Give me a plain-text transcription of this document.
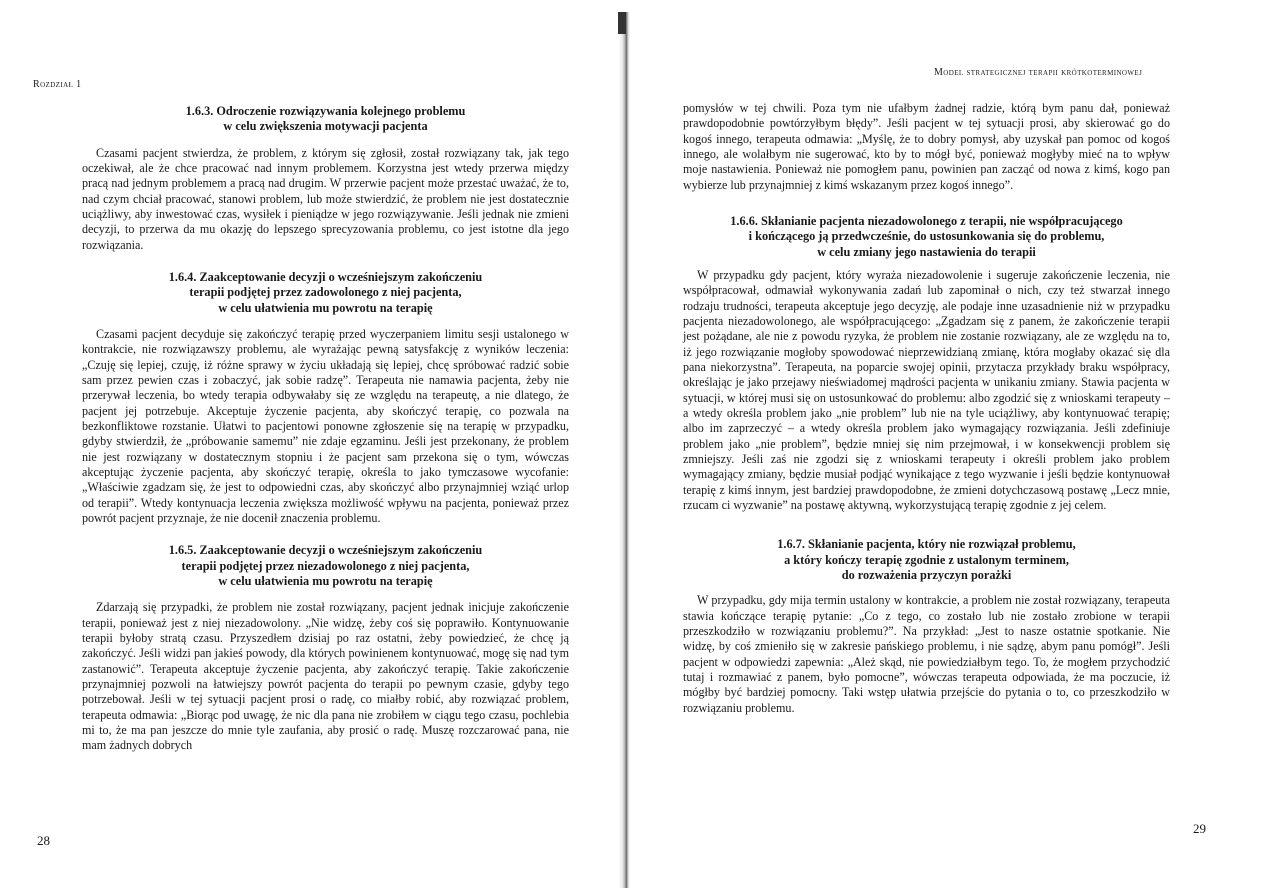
Rozdział 1
28
1.6.3. Odroczenie rozwiązywania kolejnego problemu
w celu zwiększenia motywacji pacjenta

Czasami pacjent stwierdza, że problem, z którym się zgłosił, został rozwiązany tak, jak tego oczekiwał, ale że chce pracować nad innym problemem. Korzystna jest wtedy przerwa między pracą nad jednym problemem a pracą nad drugim. W przerwie pacjent może przestać uważać, że to, nad czym chciał pracować, stanowi problem, lub może stwierdzić, że problem nie jest dostatecznie uciążliwy, aby inwestować czas, wysiłek i pieniądze w jego rozwiązywanie. Jeśli jednak nie zmieni decyzji, to przerwa da mu okazję do lepszego sprecyzowania problemu, co jest istotne dla jego rozwiązania.

1.6.4. Zaakceptowanie decyzji o wcześniejszym zakończeniu
terapii podjętej przez zadowolonego z niej pacjenta,
w celu ułatwienia mu powrotu na terapię

Czasami pacjent decyduje się zakończyć terapię przed wyczerpaniem limitu sesji ustalonego w kontrakcie, nie rozwiązawszy problemu, ale wyrażając pewną satysfakcję z wyników leczenia: „Czuję się lepiej, czuję, iż różne sprawy w życiu układają się lepiej, chcę spróbować radzić sobie sam przez pewien czas i zobaczyć, jak sobie radzę”. Terapeuta nie namawia pacjenta, żeby nie przerywał leczenia, bo wtedy terapia odbywałaby się ze względu na terapeutę, a nie dlatego, że pacjent jej potrzebuje. Akceptuje życzenie pacjenta, aby skończyć terapię, co pozwala na bezkonfliktowe rozstanie. Ułatwi to pacjentowi ponowne zgłoszenie się na terapię w przypadku, gdyby stwierdził, że „próbowanie samemu” nie zdaje egzaminu. Jeśli jest przekonany, że problem nie jest rozwiązany w dostatecznym stopniu i że pacjent sam przekona się o tym, wówczas akceptując życzenie pacjenta, aby skończyć terapię, określa to jako tymczasowe wycofanie: „Właściwie zgadzam się, że jest to odpowiedni czas, aby skończyć albo przynajmniej wziąć urlop od terapii”. Wtedy kontynuacja leczenia zwiększa możliwość wpływu na pacjenta, ponieważ przez powrót pacjent przyznaje, że nie docenił znaczenia problemu.

1.6.5. Zaakceptowanie decyzji o wcześniejszym zakończeniu
terapii podjętej przez niezadowolonego z niej pacjenta,
w celu ułatwienia mu powrotu na terapię

Zdarzają się przypadki, że problem nie został rozwiązany, pacjent jednak inicjuje zakończenie terapii, ponieważ jest z niej niezadowolony. „Nie widzę, żeby coś się poprawiło. Kontynuowanie terapii byłoby stratą czasu. Przyszedłem dzisiaj po raz ostatni, żeby powiedzieć, że chcę ją zakończyć. Jeśli widzi pan jakieś powody, dla których powinienem kontynuować, mogę się nad tym zastanowić”. Terapeuta akceptuje życzenie pacjenta, aby zakończyć terapię. Takie zakończenie przynajmniej pozwoli na łatwiejszy powrót pacjenta do terapii po pewnym czasie, gdyby tego potrzebował. Jeśli w tej sytuacji pacjent prosi o radę, co miałby robić, aby rozwiązać problem, terapeuta odmawia: „Biorąc pod uwagę, że nic dla pana nie zrobiłem w ciągu tego czasu, pochlebia mi to, że ma pan jeszcze do mnie tyle zaufania, aby prosić o radę. Muszę rozczarować pana, nie mam żadnych dobrych

Model strategicznej terapii krótkoterminowej
29

pomysłów w tej chwili. Poza tym nie ufałbym żadnej radzie, którą bym panu dał, ponieważ prawdopodobnie powtórzyłbym błędy”. Jeśli pacjent w tej sytuacji prosi, aby skierować go do kogoś innego, terapeuta odmawia: „Myślę, że to dobry pomysł, aby uzyskał pan pomoc od kogoś innego, ale wolałbym nie sugerować, kto by to mógł być, ponieważ mogłyby mieć na to wpływ moje nastawienia. Ponieważ nie pomogłem panu, powinien pan zacząć od nowa z kimś, kogo pan wybierze lub przynajmniej z kimś wskazanym przez kogoś innego”.

1.6.6. Skłanianie pacjenta niezadowolonego z terapii, nie współpracującego
i kończącego ją przedwcześnie, do ustosunkowania się do problemu,
w celu zmiany jego nastawienia do terapii

W przypadku gdy pacjent, który wyraża niezadowolenie i sugeruje zakończenie leczenia, nie współpracował, odmawiał wykonywania zadań lub zapominał o nich, czy też stwarzał innego rodzaju trudności, terapeuta akceptuje jego decyzję, ale podaje inne uzasadnienie niż w przypadku pacjenta niezadowolonego, ale współpracującego: „Zgadzam się z panem, że zakończenie terapii jest pożądane, ale nie z powodu ryzyka, że problem nie zostanie rozwiązany, ale ze względu na to, iż jego rozwiązanie mogłoby spowodować nieprzewidzianą zmianę, która mogłaby okazać się dla pana niekorzystna”. Terapeuta, na poparcie swojej opinii, przytacza przykłady braku współpracy, określając je jako przejawy nieświadomej mądrości pacjenta w unikaniu zmiany. Stawia pacjenta w sytuacji, w której musi się on ustosunkować do problemu: albo zgodzić się z wnioskami terapeuty – a wtedy określa problem jako „nie problem” lub nie na tyle uciążliwy, aby kontynuować terapię; albo im zaprzeczyć – a wtedy określa problem jako wymagający rozwiązania. Jeśli zdefiniuje problem jako „nie problem”, będzie mniej się nim przejmował, i w konsekwencji problem się zmniejszy. Jeśli zaś nie zgodzi się z wnioskami terapeuty i określi problem jako problem wymagający zmiany, będzie musiał podjąć wynikające z tego wyzwanie i jeśli będzie kontynuował terapię z kimś innym, jest bardziej prawdopodobne, że zmieni dotychczasową postawę „Lecz mnie, rzucam ci wyzwanie” na postawę aktywną, wykorzystującą terapię zgodnie z jej celem.

1.6.7. Skłanianie pacjenta, który nie rozwiązał problemu,
a który kończy terapię zgodnie z ustalonym terminem,
do rozważenia przyczyn porażki

W przypadku, gdy mija termin ustalony w kontrakcie, a problem nie został rozwiązany, terapeuta stawia kończące terapię pytanie: „Co z tego, co zostało lub nie zostało zrobione w terapii przeszkodziło w rozwiązaniu problemu?”. Na przykład: „Jest to nasze ostatnie spotkanie. Nie widzę, by coś zmieniło się w zakresie pańskiego problemu, i nie sądzę, abym panu pomógł”. Jeśli pacjent w odpowiedzi zapewnia: „Ależ skąd, nie powiedziałbym tego. To, że mogłem przychodzić tutaj i rozmawiać z panem, było pomocne”, wówczas terapeuta odpowiada, że ma poczucie, iż mógłby być bardziej pomocny. Taki wstęp ułatwia przejście do pytania o to, co przeszkodziło w rozwiązaniu problemu.
